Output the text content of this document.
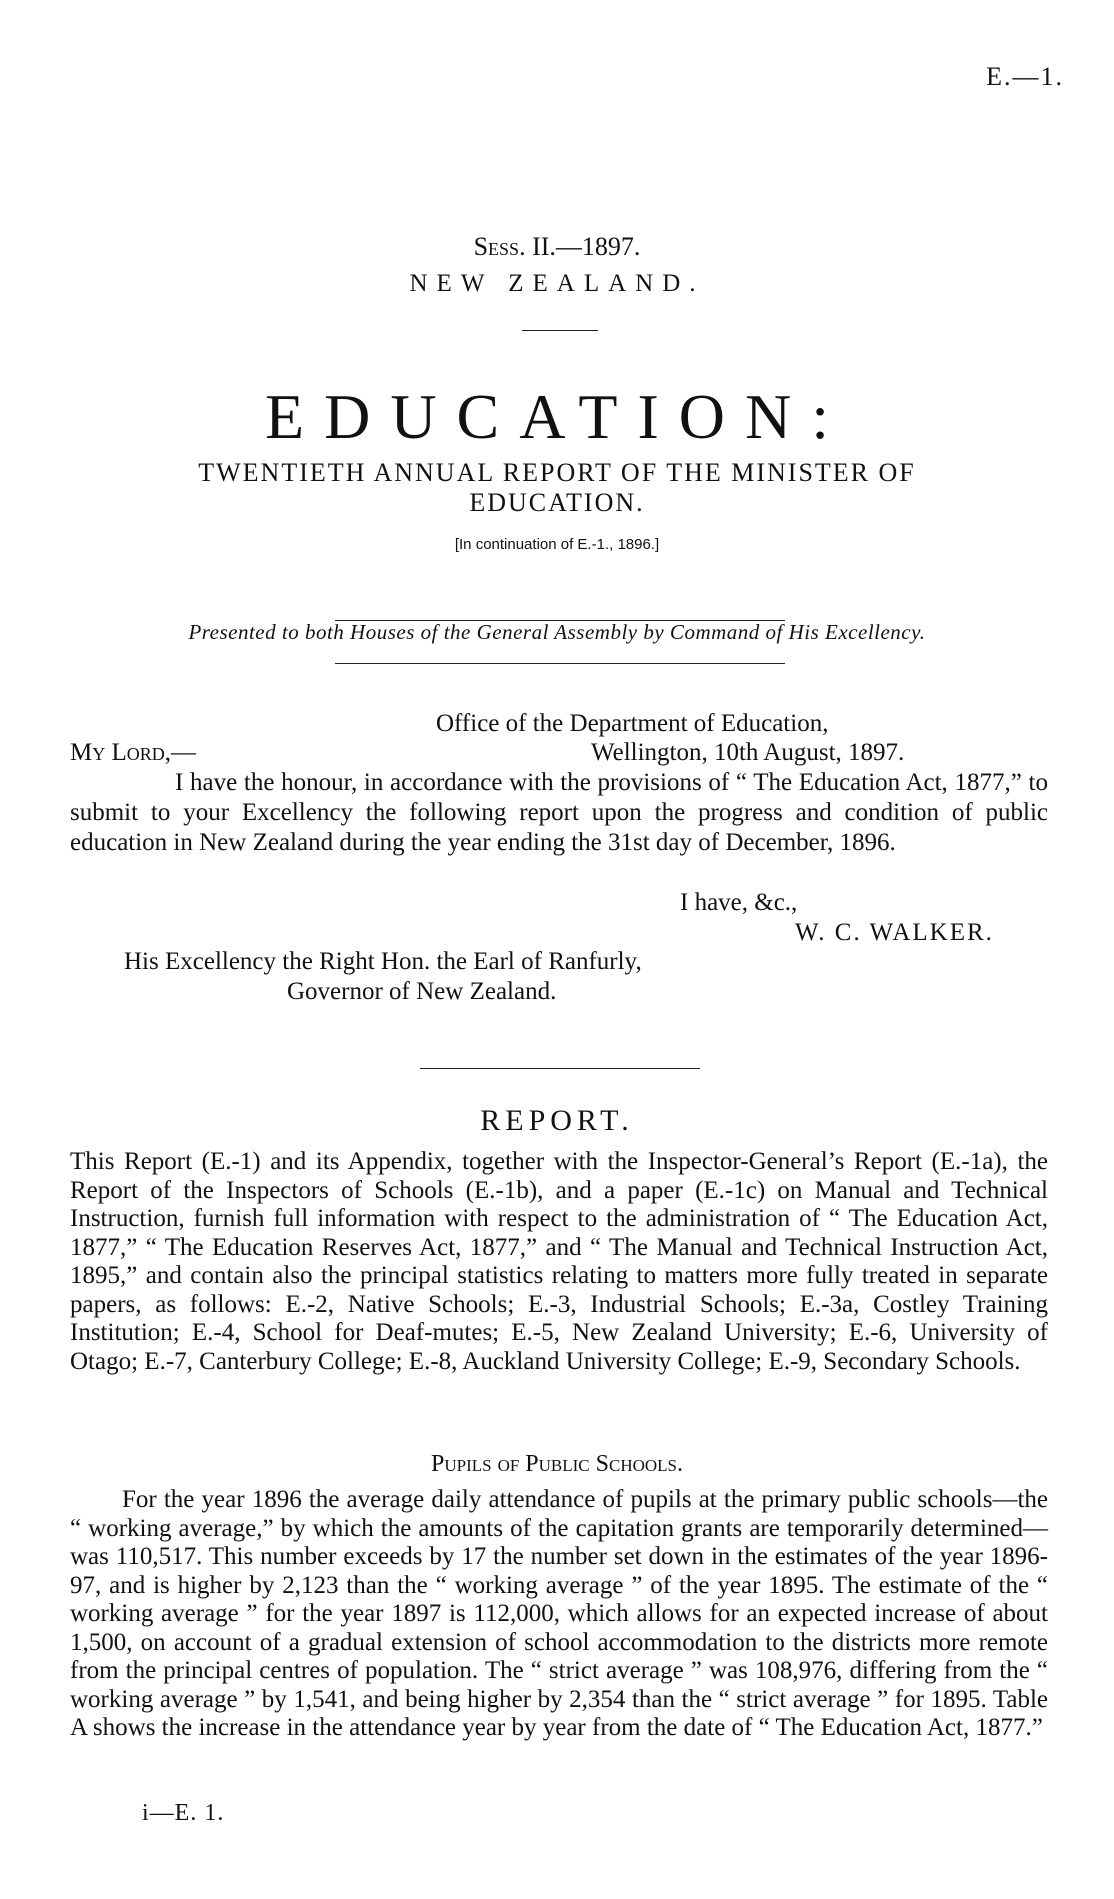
E.—1.
Sess. II.—1897.
NEW ZEALAND.
EDUCATION:
TWENTIETH ANNUAL REPORT OF THE MINISTER OF
EDUCATION.
[In continuation of E.-1., 1896.]
Presented to both Houses of the General Assembly by Command of His Excellency.
Office of the Department of Education,
My Lord,—	Wellington, 10th August, 1897.
I have the honour, in accordance with the provisions of “ The Education Act, 1877,” to submit to your Excellency the following report upon the progress and condition of public education in New Zealand during the year ending the 31st day of December, 1896.
I have, &c.,
W. C. WALKER.
His Excellency the Right Hon. the Earl of Ranfurly,
Governor of New Zealand.
REPORT.
This Report (E.-1) and its Appendix, together with the Inspector-General’s Report (E.-1a), the Report of the Inspectors of Schools (E.-1b), and a paper (E.-1c) on Manual and Technical Instruction, furnish full information with respect to the administration of “ The Education Act, 1877,” “ The Education Reserves Act, 1877,” and “ The Manual and Technical Instruction Act, 1895,” and contain also the principal statistics relating to matters more fully treated in separate papers, as follows: E.-2, Native Schools; E.-3, Industrial Schools; E.-3a, Costley Training Institution; E.-4, School for Deaf-mutes; E.-5, New Zealand University; E.-6, University of Otago; E.-7, Canterbury College; E.-8, Auckland University College; E.-9, Secondary Schools.
Pupils of Public Schools.
For the year 1896 the average daily attendance of pupils at the primary public schools—the “ working average,” by which the amounts of the capitation grants are temporarily determined—was 110,517. This number exceeds by 17 the number set down in the estimates of the year 1896-97, and is higher by 2,123 than the “ working average ” of the year 1895. The estimate of the “ working average ” for the year 1897 is 112,000, which allows for an expected increase of about 1,500, on account of a gradual extension of school accommodation to the districts more remote from the principal centres of population. The “ strict average ” was 108,976, differing from the “ working average ” by 1,541, and being higher by 2,354 than the “ strict average ” for 1895. Table A shows the increase in the attendance year by year from the date of “ The Education Act, 1877.”
i—E. 1.
